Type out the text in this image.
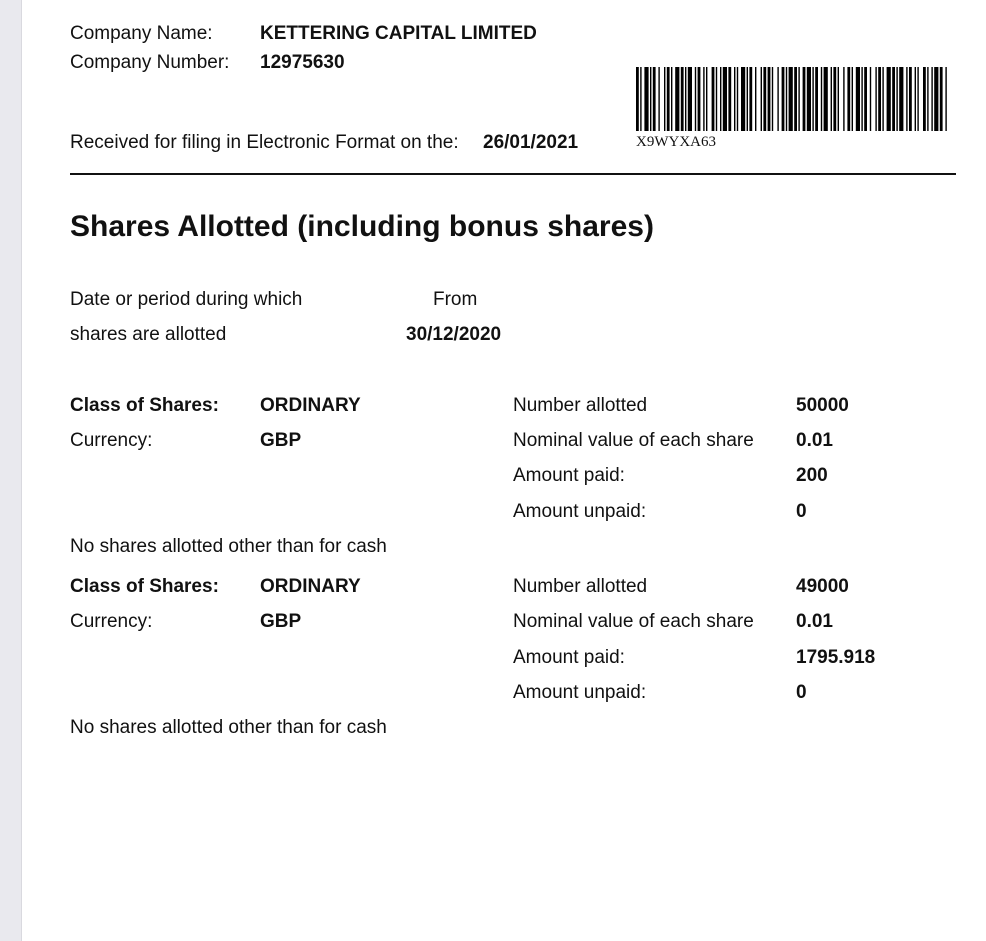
Company Name: KETTERING CAPITAL LIMITED
Company Number: 12975630
Received for filing in Electronic Format on the: 26/01/2021	X9WYXA63
Shares Allotted (including bonus shares)
Date or period during which	From
shares are allotted	30/12/2020
Class of Shares: ORDINARY	Number allotted	50000
Currency:	GBP	Nominal value of each share 0.01
Amount paid:	200
Amount unpaid:	0
No shares allotted other than for cash
Class of Shares: ORDINARY	Number allotted	49000
Currency:	GBP	Nominal value of each share 0.01
Amount paid:	1795.918
Amount unpaid:	0
No shares allotted other than for cash
